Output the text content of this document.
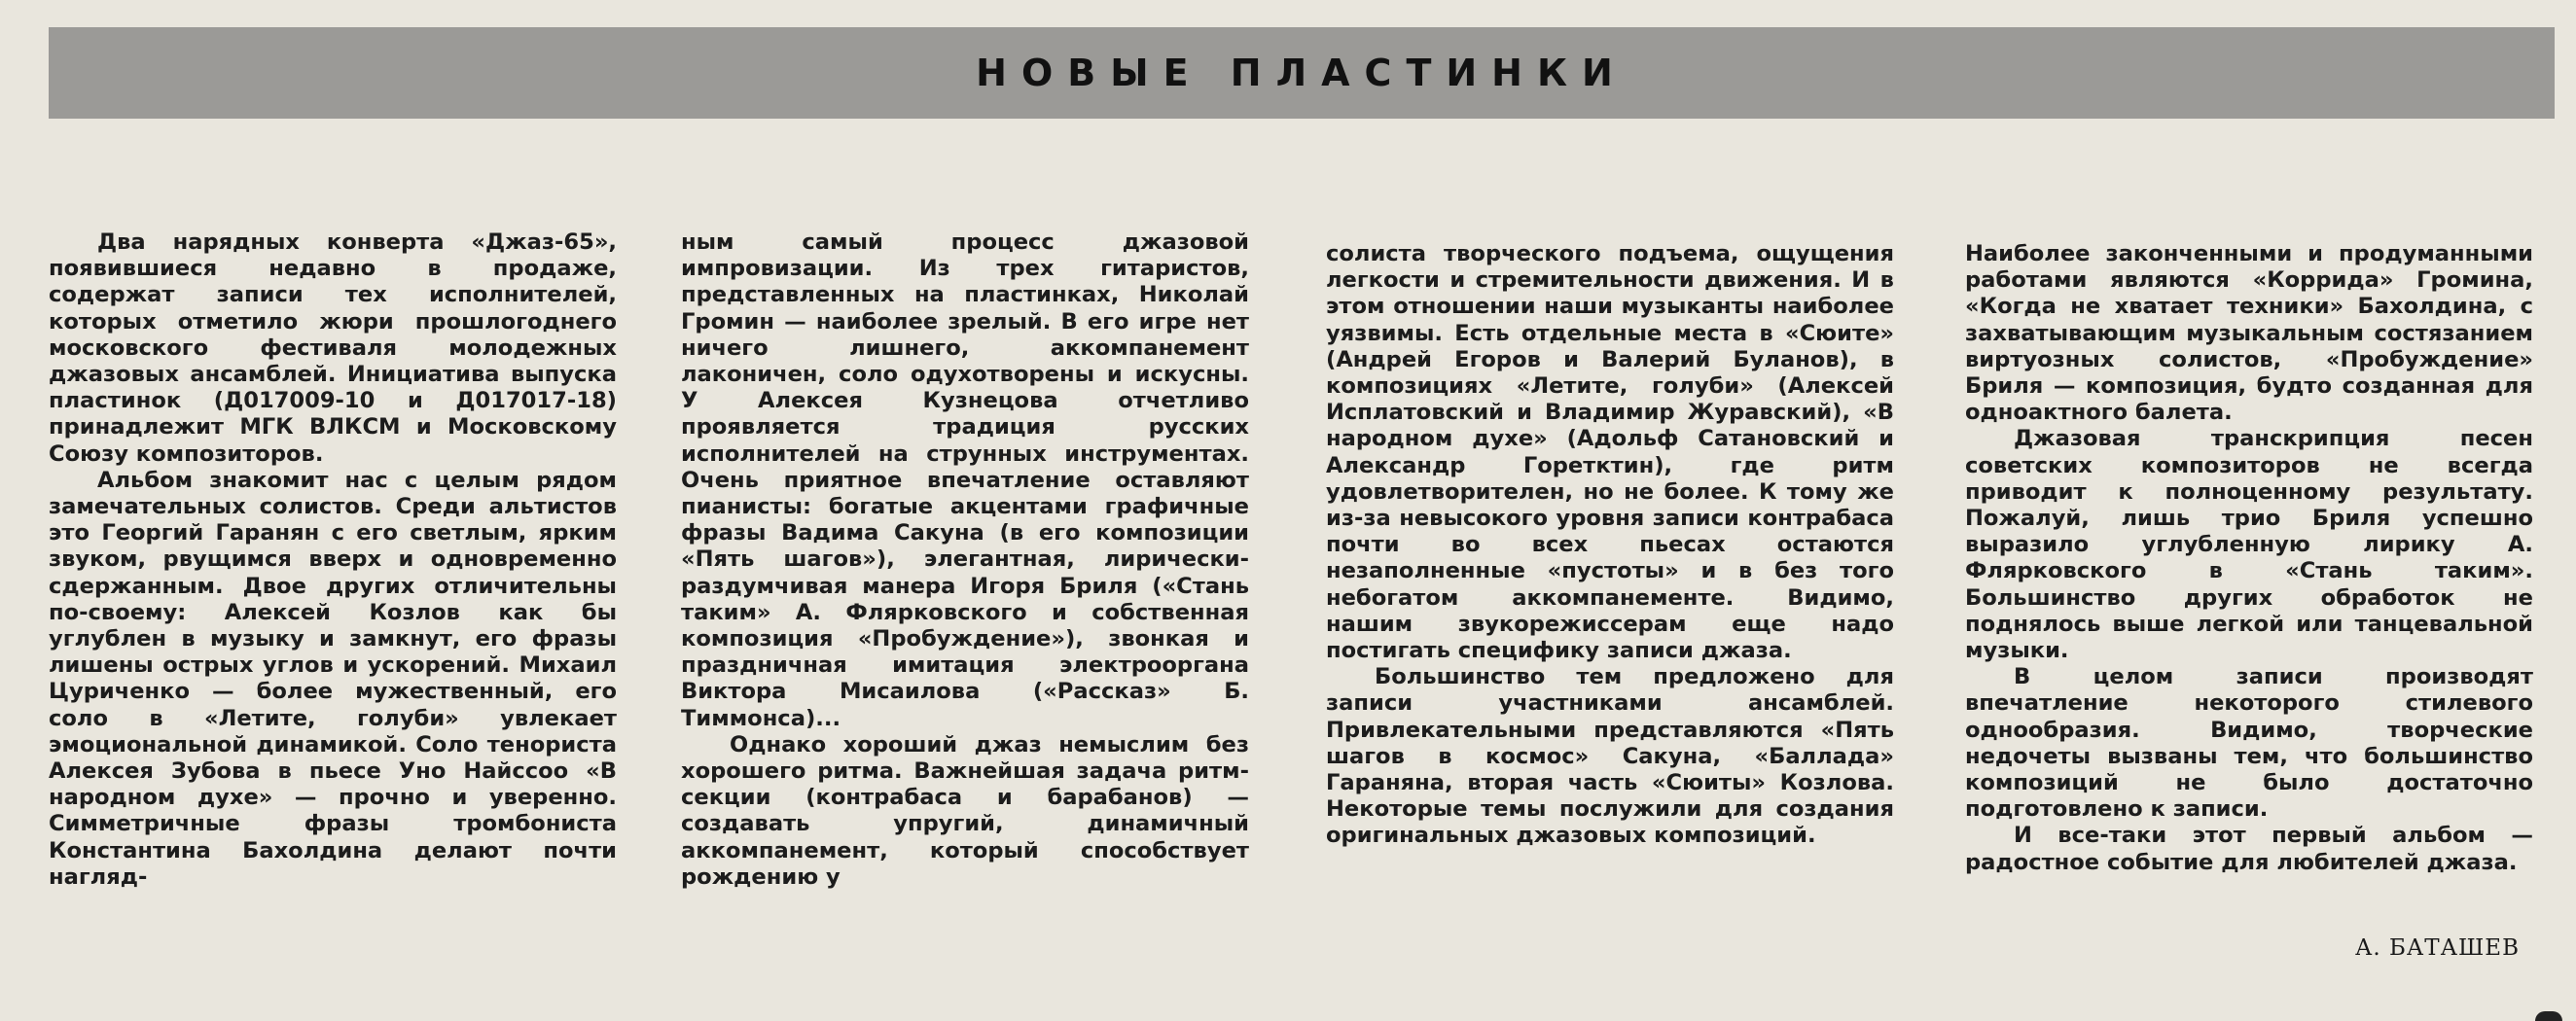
НОВЫЕ ПЛАСТИНКИ

Два нарядных конверта «Джаз-65», появившиеся недавно в продаже, содержат записи тех исполнителей, которых отметило жюри прошлогоднего московского фестиваля молодежных джазовых ансамблей. Инициатива выпуска пластинок (Д017009-10 и Д017017-18) принадлежит МГК ВЛКСМ и Московскому Союзу композиторов.

Альбом знакомит нас с целым рядом замечательных солистов. Среди альтистов это Георгий Гаранян с его светлым, ярким звуком, рвущимся вверх и одновременно сдержанным. Двое других отличительны по-своему: Алексей Козлов как бы углублен в музыку и замкнут, его фразы лишены острых углов и ускорений. Михаил Цуриченко — более мужественный, его соло в «Летите, голуби» увлекает эмоциональной динамикой. Соло тенориста Алексея Зубова в пьесе Уно Найссоо «В народном духе» — прочно и уверенно. Симметричные фразы тромбониста Константина Бахолдина делают почти нагляд-

ным самый процесс джазовой импровизации. Из трех гитаристов, представленных на пластинках, Николай Громин — наиболее зрелый. В его игре нет ничего лишнего, аккомпанемент лаконичен, соло одухотворены и искусны. У Алексея Кузнецова отчетливо проявляется традиция русских исполнителей на струнных инструментах. Очень приятное впечатление оставляют пианисты: богатые акцентами графичные фразы Вадима Сакуна (в его композиции «Пять шагов»), элегантная, лирически-раздумчивая манера Игоря Бриля («Стань таким» А. Флярковского и собственная композиция «Пробуждение»), звонкая и праздничная имитация электрооргана Виктора Мисаилова («Рассказ» Б. Тиммонса)...

Однако хороший джаз немыслим без хорошего ритма. Важнейшая задача ритм-секции (контрабаса и барабанов) — создавать упругий, динамичный аккомпанемент, который способствует рождению у

солиста творческого подъема, ощущения легкости и стремительности движения. И в этом отношении наши музыканты наиболее уязвимы. Есть отдельные места в «Сюите» (Андрей Егоров и Валерий Буланов), в композициях «Летите, голуби» (Алексей Исплатовский и Владимир Журавский), «В народном духе» (Адольф Сатановский и Александр Горетктин), где ритм удовлетворителен, но не более. К тому же из-за невысокого уровня записи контрабаса почти во всех пьесах остаются незаполненные «пустоты» и в без того небогатом аккомпанементе. Видимо, нашим звукорежиссерам еще надо постигать специфику записи джаза.

Большинство тем предложено для записи участниками ансамблей. Привлекательными представляются «Пять шагов в космос» Сакуна, «Баллада» Гараняна, вторая часть «Сюиты» Козлова. Некоторые темы послужили для создания оригинальных джазовых композиций.

Наиболее законченными и продуманными работами являются «Коррида» Громина, «Когда не хватает техники» Бахолдина, с захватывающим музыкальным состязанием виртуозных солистов, «Пробуждение» Бриля — композиция, будто созданная для одноактного балета.

Джазовая транскрипция песен советских композиторов не всегда приводит к полноценному результату. Пожалуй, лишь трио Бриля успешно выразило углубленную лирику А. Флярковского в «Стань таким». Большинство других обработок не поднялось выше легкой или танцевальной музыки.

В целом записи производят впечатление некоторого стилевого однообразия. Видимо, творческие недочеты вызваны тем, что большинство композиций не было достаточно подготовлено к записи.

И все-таки этот первый альбом — радостное событие для любителей джаза.

А. БАТАШЕВ
